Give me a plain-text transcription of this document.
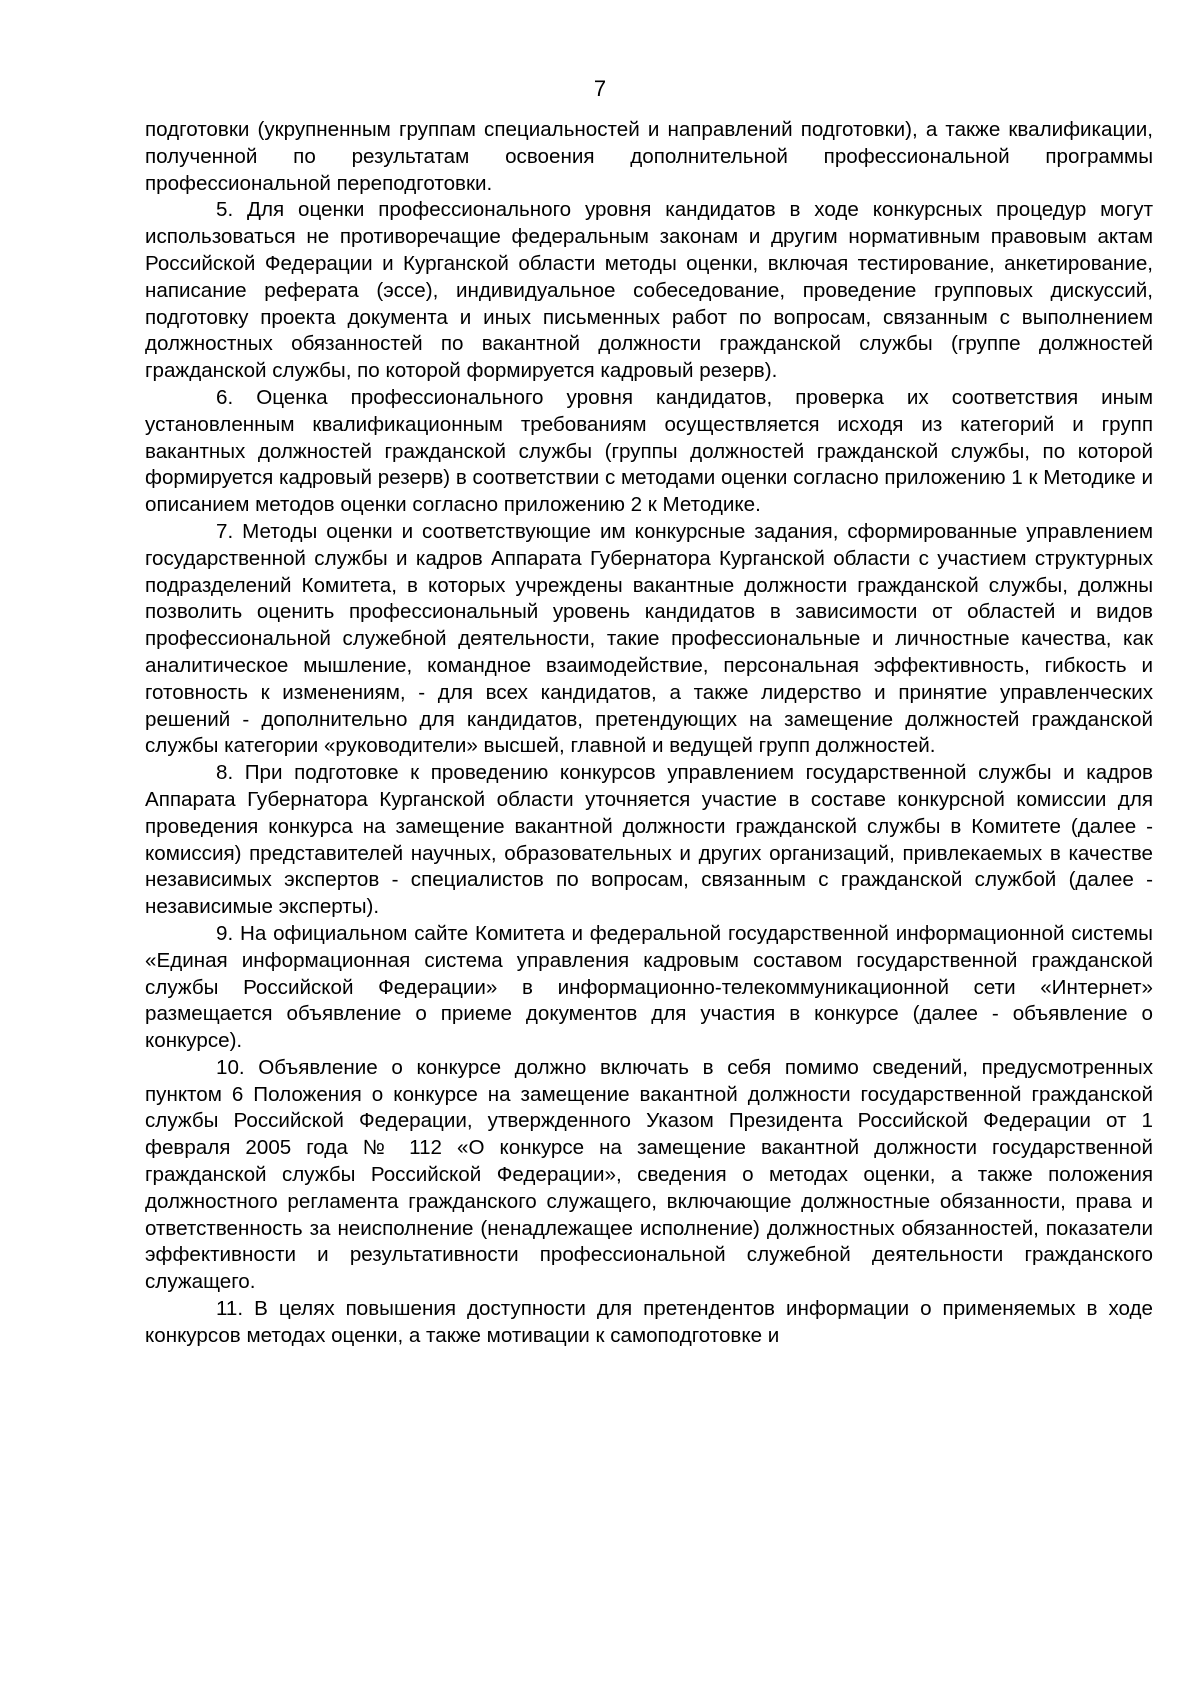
7

подготовки (укрупненным группам специальностей и направлений подготовки), а также квалификации, полученной по результатам освоения дополнительной профессиональной программы профессиональной переподготовки.

5. Для оценки профессионального уровня кандидатов в ходе конкурсных процедур могут использоваться не противоречащие федеральным законам и другим нормативным правовым актам Российской Федерации и Курганской области методы оценки, включая тестирование, анкетирование, написание реферата (эссе), индивидуальное собеседование, проведение групповых дискуссий, подготовку проекта документа и иных письменных работ по вопросам, связанным с выполнением должностных обязанностей по вакантной должности гражданской службы (группе должностей гражданской службы, по которой формируется кадровый резерв).

6. Оценка профессионального уровня кандидатов, проверка их соответствия иным установленным квалификационным требованиям осуществляется исходя из категорий и групп вакантных должностей гражданской службы (группы должностей гражданской службы, по которой формируется кадровый резерв) в соответствии с методами оценки согласно приложению 1 к Методике и описанием методов оценки согласно приложению 2 к Методике.

7. Методы оценки и соответствующие им конкурсные задания, сформированные управлением государственной службы и кадров Аппарата Губернатора Курганской области с участием структурных подразделений Комитета, в которых учреждены вакантные должности гражданской службы, должны позволить оценить профессиональный уровень кандидатов в зависимости от областей и видов профессиональной служебной деятельности, такие профессиональные и личностные качества, как аналитическое мышление, командное взаимодействие, персональная эффективность, гибкость и готовность к изменениям, - для всех кандидатов, а также лидерство и принятие управленческих решений - дополнительно для кандидатов, претендующих на замещение должностей гражданской службы категории «руководители» высшей, главной и ведущей групп должностей.

8. При подготовке к проведению конкурсов управлением государственной службы и кадров Аппарата Губернатора Курганской области уточняется участие в составе конкурсной комиссии для проведения конкурса на замещение вакантной должности гражданской службы в Комитете (далее - комиссия) представителей научных, образовательных и других организаций, привлекаемых в качестве независимых экспертов - специалистов по вопросам, связанным с гражданской службой (далее - независимые эксперты).

9. На официальном сайте Комитета и федеральной государственной информационной системы «Единая информационная система управления кадровым составом государственной гражданской службы Российской Федерации» в информационно-телекоммуникационной сети «Интернет» размещается объявление о приеме документов для участия в конкурсе (далее - объявление о конкурсе).

10. Объявление о конкурсе должно включать в себя помимо сведений, предусмотренных пунктом 6 Положения о конкурсе на замещение вакантной должности государственной гражданской службы Российской Федерации, утвержденного Указом Президента Российской Федерации от 1 февраля 2005 года № 112 «О конкурсе на замещение вакантной должности государственной гражданской службы Российской Федерации», сведения о методах оценки, а также положения должностного регламента гражданского служащего, включающие должностные обязанности, права и ответственность за неисполнение (ненадлежащее исполнение) должностных обязанностей, показатели эффективности и результативности профессиональной служебной деятельности гражданского служащего.

11. В целях повышения доступности для претендентов информации о применяемых в ходе конкурсов методах оценки, а также мотивации к самоподготовке и
